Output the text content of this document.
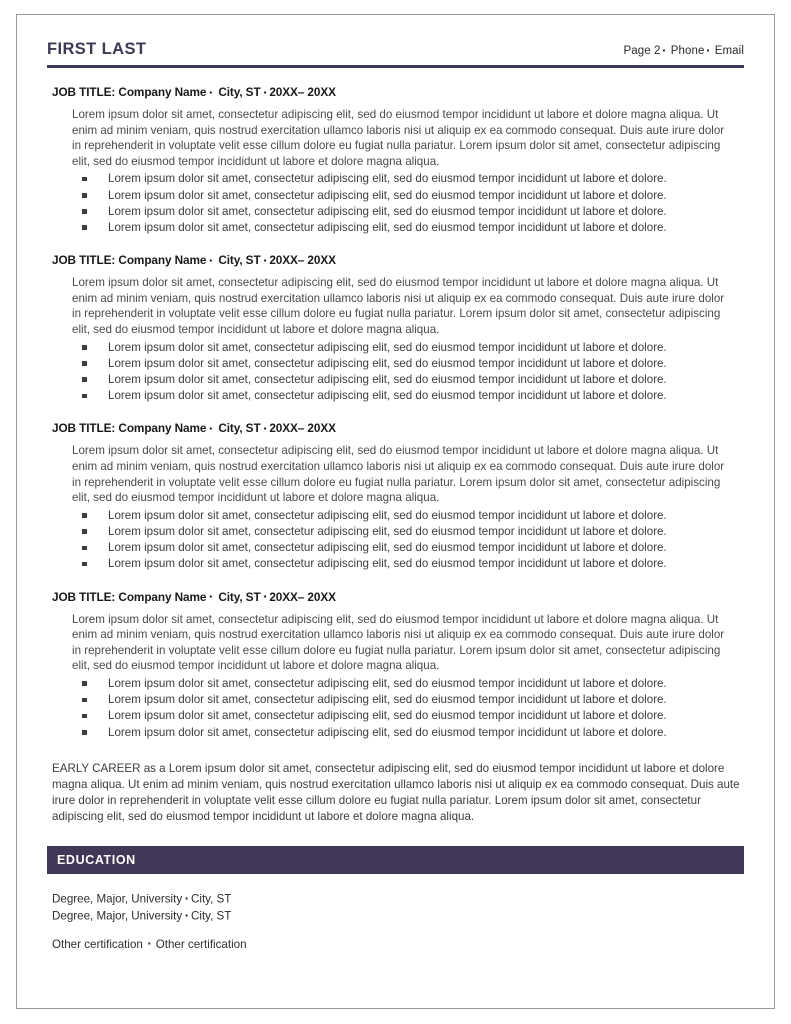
FIRST LAST	Page 2 ▪ Phone ▪ Email
JOB TITLE: Company Name ▪ City, ST ▪ 20XX– 20XX

Lorem ipsum dolor sit amet, consectetur adipiscing elit, sed do eiusmod tempor incididunt ut labore et dolore magna aliqua. Ut enim ad minim veniam, quis nostrud exercitation ullamco laboris nisi ut aliquip ex ea commodo consequat. Duis aute irure dolor in reprehenderit in voluptate velit esse cillum dolore eu fugiat nulla pariatur. Lorem ipsum dolor sit amet, consectetur adipiscing elit, sed do eiusmod tempor incididunt ut labore et dolore magna aliqua.

Lorem ipsum dolor sit amet, consectetur adipiscing elit, sed do eiusmod tempor incididunt ut labore et dolore.
Lorem ipsum dolor sit amet, consectetur adipiscing elit, sed do eiusmod tempor incididunt ut labore et dolore.
Lorem ipsum dolor sit amet, consectetur adipiscing elit, sed do eiusmod tempor incididunt ut labore et dolore.
Lorem ipsum dolor sit amet, consectetur adipiscing elit, sed do eiusmod tempor incididunt ut labore et dolore.
JOB TITLE: Company Name ▪ City, ST ▪ 20XX– 20XX

Lorem ipsum dolor sit amet, consectetur adipiscing elit, sed do eiusmod tempor incididunt ut labore et dolore magna aliqua. Ut enim ad minim veniam, quis nostrud exercitation ullamco laboris nisi ut aliquip ex ea commodo consequat. Duis aute irure dolor in reprehenderit in voluptate velit esse cillum dolore eu fugiat nulla pariatur. Lorem ipsum dolor sit amet, consectetur adipiscing elit, sed do eiusmod tempor incididunt ut labore et dolore magna aliqua.

Lorem ipsum dolor sit amet, consectetur adipiscing elit, sed do eiusmod tempor incididunt ut labore et dolore.
Lorem ipsum dolor sit amet, consectetur adipiscing elit, sed do eiusmod tempor incididunt ut labore et dolore.
Lorem ipsum dolor sit amet, consectetur adipiscing elit, sed do eiusmod tempor incididunt ut labore et dolore.
Lorem ipsum dolor sit amet, consectetur adipiscing elit, sed do eiusmod tempor incididunt ut labore et dolore.
JOB TITLE: Company Name ▪ City, ST ▪ 20XX– 20XX

Lorem ipsum dolor sit amet, consectetur adipiscing elit, sed do eiusmod tempor incididunt ut labore et dolore magna aliqua. Ut enim ad minim veniam, quis nostrud exercitation ullamco laboris nisi ut aliquip ex ea commodo consequat. Duis aute irure dolor in reprehenderit in voluptate velit esse cillum dolore eu fugiat nulla pariatur. Lorem ipsum dolor sit amet, consectetur adipiscing elit, sed do eiusmod tempor incididunt ut labore et dolore magna aliqua.

Lorem ipsum dolor sit amet, consectetur adipiscing elit, sed do eiusmod tempor incididunt ut labore et dolore.
Lorem ipsum dolor sit amet, consectetur adipiscing elit, sed do eiusmod tempor incididunt ut labore et dolore.
Lorem ipsum dolor sit amet, consectetur adipiscing elit, sed do eiusmod tempor incididunt ut labore et dolore.
Lorem ipsum dolor sit amet, consectetur adipiscing elit, sed do eiusmod tempor incididunt ut labore et dolore.
JOB TITLE: Company Name ▪ City, ST ▪ 20XX– 20XX

Lorem ipsum dolor sit amet, consectetur adipiscing elit, sed do eiusmod tempor incididunt ut labore et dolore magna aliqua. Ut enim ad minim veniam, quis nostrud exercitation ullamco laboris nisi ut aliquip ex ea commodo consequat. Duis aute irure dolor in reprehenderit in voluptate velit esse cillum dolore eu fugiat nulla pariatur. Lorem ipsum dolor sit amet, consectetur adipiscing elit, sed do eiusmod tempor incididunt ut labore et dolore magna aliqua.

Lorem ipsum dolor sit amet, consectetur adipiscing elit, sed do eiusmod tempor incididunt ut labore et dolore.
Lorem ipsum dolor sit amet, consectetur adipiscing elit, sed do eiusmod tempor incididunt ut labore et dolore.
Lorem ipsum dolor sit amet, consectetur adipiscing elit, sed do eiusmod tempor incididunt ut labore et dolore.
Lorem ipsum dolor sit amet, consectetur adipiscing elit, sed do eiusmod tempor incididunt ut labore et dolore.

EARLY CAREER as a Lorem ipsum dolor sit amet, consectetur adipiscing elit, sed do eiusmod tempor incididunt ut labore et dolore magna aliqua. Ut enim ad minim veniam, quis nostrud exercitation ullamco laboris nisi ut aliquip ex ea commodo consequat. Duis aute irure dolor in reprehenderit in voluptate velit esse cillum dolore eu fugiat nulla pariatur. Lorem ipsum dolor sit amet, consectetur adipiscing elit, sed do eiusmod tempor incididunt ut labore et dolore magna aliqua.

EDUCATION
Degree, Major, University ▪ City, ST
Degree, Major, University ▪ City, ST
Other certification ▪ Other certification
